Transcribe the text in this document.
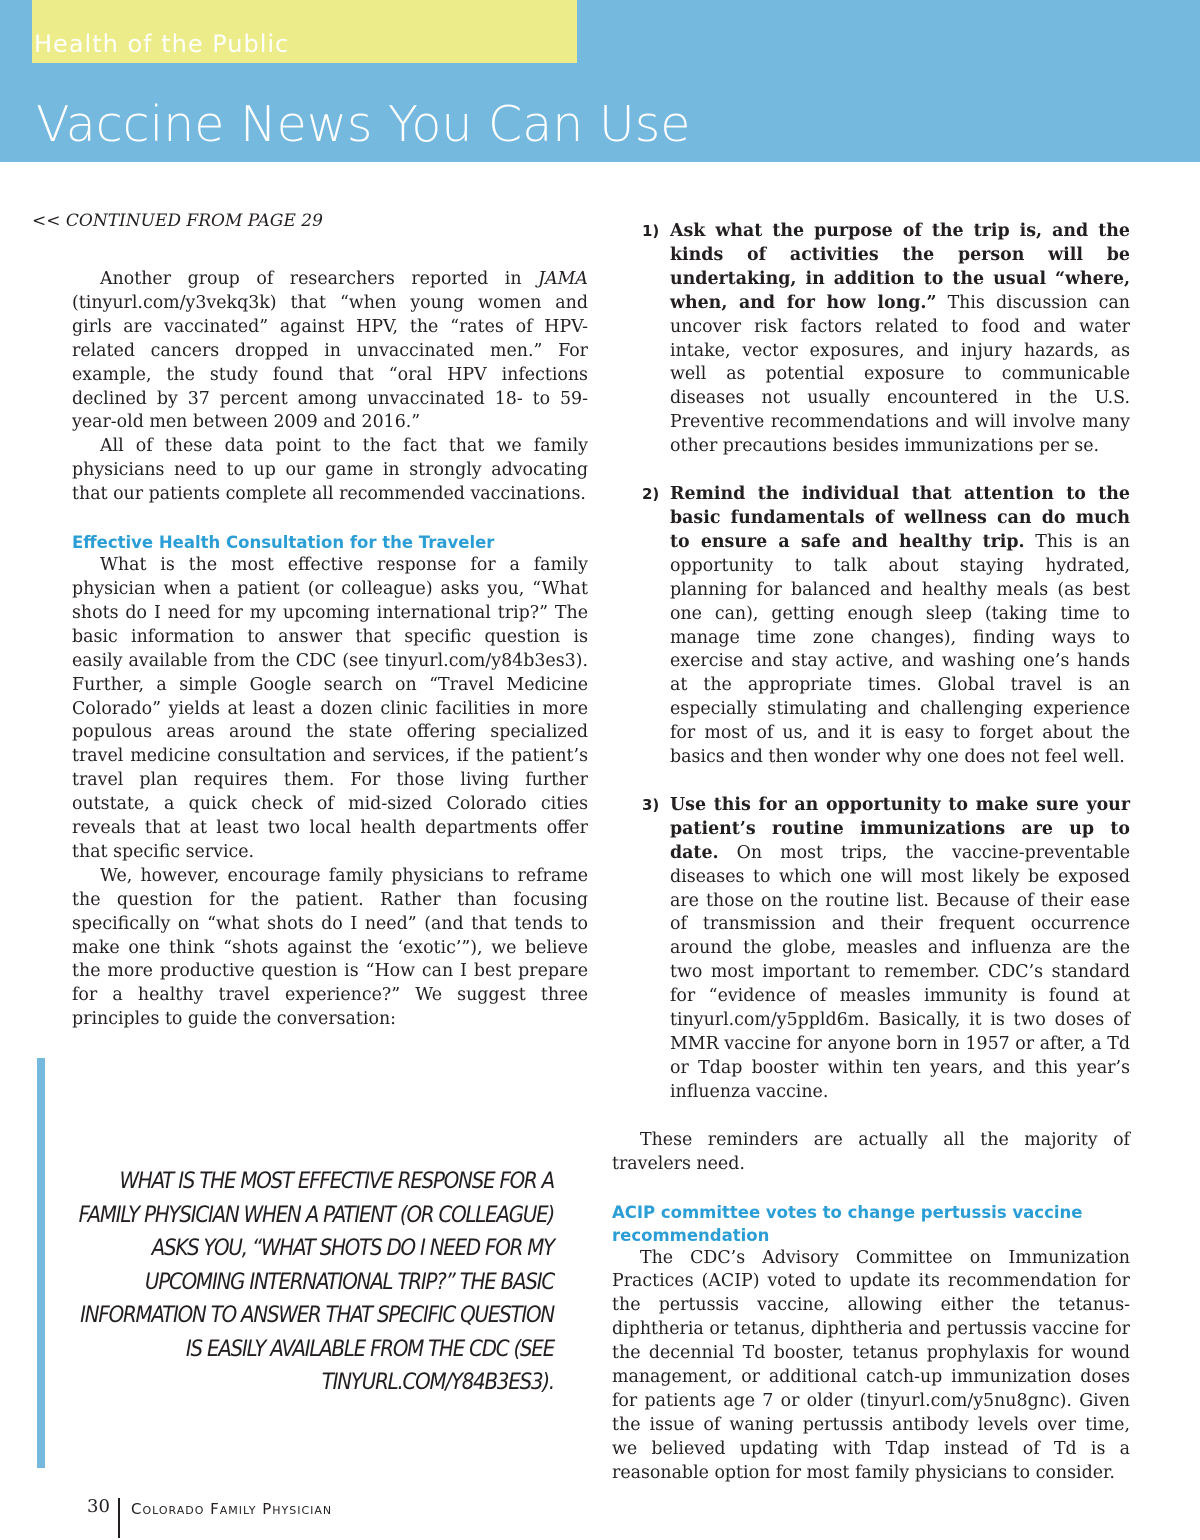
Health of the Public
Vaccine News You Can Use
<< CONTINUED FROM PAGE 29

Another group of researchers reported in JAMA (tinyurl.com/y3vekq3k) that “when young women and girls are vaccinated” against HPV, the “rates of HPV-related cancers dropped in unvaccinated men.” For example, the study found that “oral HPV infections declined by 37 percent among unvaccinated 18- to 59-year-old men between 2009 and 2016.”

All of these data point to the fact that we family physicians need to up our game in strongly advocating that our patients complete all recommended vaccinations.

Effective Health Consultation for the Traveler

What is the most effective response for a family physician when a patient (or colleague) asks you, “What shots do I need for my upcoming international trip?” The basic information to answer that specific question is easily available from the CDC (see tinyurl.com/y84b3es3). Further, a simple Google search on “Travel Medicine Colorado” yields at least a dozen clinic facilities in more populous areas around the state offering specialized travel medicine consultation and services, if the patient’s travel plan requires them. For those living further outstate, a quick check of mid-sized Colorado cities reveals that at least two local health departments offer that specific service.

We, however, encourage family physicians to reframe the question for the patient. Rather than focusing specifically on “what shots do I need” (and that tends to make one think “shots against the ‘exotic’”), we believe the more productive question is “How can I best prepare for a healthy travel experience?” We suggest three principles to guide the conversation:

WHAT IS THE MOST EFFECTIVE RESPONSE FOR A FAMILY PHYSICIAN WHEN A PATIENT (OR COLLEAGUE) ASKS YOU, “WHAT SHOTS DO I NEED FOR MY UPCOMING INTERNATIONAL TRIP?” THE BASIC INFORMATION TO ANSWER THAT SPECIFIC QUESTION IS EASILY AVAILABLE FROM THE CDC (SEE TINYURL.COM/Y84B3ES3).
1) Ask what the purpose of the trip is, and the kinds of activities the person will be undertaking, in addition to the usual “where, when, and for how long.” This discussion can uncover risk factors related to food and water intake, vector exposures, and injury hazards, as well as potential exposure to communicable diseases not usually encountered in the U.S. Preventive recommendations and will involve many other precautions besides immunizations per se.

2) Remind the individual that attention to the basic fundamentals of wellness can do much to ensure a safe and healthy trip. This is an opportunity to talk about staying hydrated, planning for balanced and healthy meals (as best one can), getting enough sleep (taking time to manage time zone changes), finding ways to exercise and stay active, and washing one’s hands at the appropriate times. Global travel is an especially stimulating and challenging experience for most of us, and it is easy to forget about the basics and then wonder why one does not feel well.

3) Use this for an opportunity to make sure your patient’s routine immunizations are up to date. On most trips, the vaccine-preventable diseases to which one will most likely be exposed are those on the routine list. Because of their ease of transmission and their frequent occurrence around the globe, measles and influenza are the two most important to remember. CDC’s standard for “evidence of measles immunity is found at tinyurl.com/y5ppld6m. Basically, it is two doses of MMR vaccine for anyone born in 1957 or after, a Td or Tdap booster within ten years, and this year’s influenza vaccine.

These reminders are actually all the majority of travelers need.

ACIP committee votes to change pertussis vaccine recommendation

The CDC’s Advisory Committee on Immunization Practices (ACIP) voted to update its recommendation for the pertussis vaccine, allowing either the tetanus-diphtheria or tetanus, diphtheria and pertussis vaccine for the decennial Td booster, tetanus prophylaxis for wound management, or additional catch-up immunization doses for patients age 7 or older (tinyurl.com/y5nu8gnc). Given the issue of waning pertussis antibody levels over time, we believed updating with Tdap instead of Td is a reasonable option for most family physicians to consider.

30 Colorado Family Physician
